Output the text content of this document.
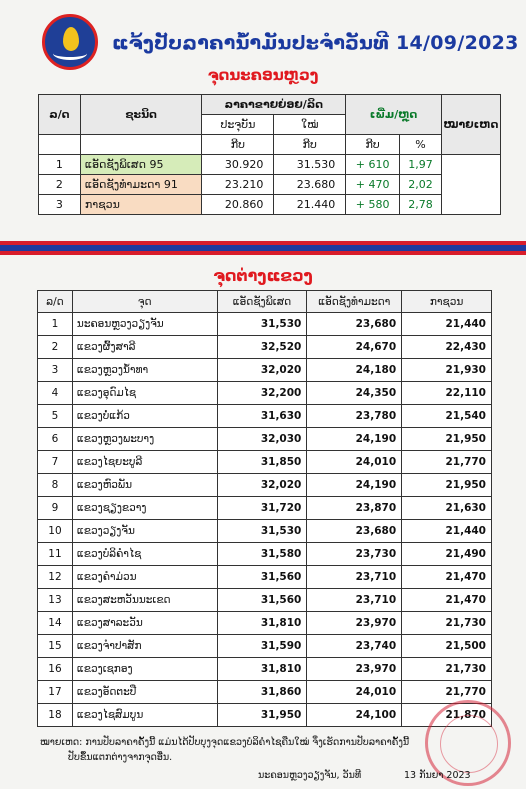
ແຈ້ງປັບລາຄານ້ຳມັນປະຈຳວັນທີ 14/09/2023
ຈຸດນະຄອນຫຼວງ
ລ/ດ	ຊະນິດ	ລາຄາຂາຍຍ່ອຍ/ລິດ		ເພີ່ມ/ຫຼຸດ		ໝາຍເຫດ
		ປະຈຸບັນ	ໃໝ່			
		ກີບ	ກີບ	ກີບ	%	
1	ແອັດຊັງພິເສດ 95	30.920	31.530	+ 610	1,97	
2	ແອັດຊັງທຳມະດາ 91	23.210	23.680	+ 470	2,02	
3	ກາຊວນ	20.860	21.440	+ 580	2,78	
ຈຸດຕ່າງແຂວງ
ລ/ດ	ຈຸດ	ແອັດຊັງພິເສດ	ແອັດຊັງທຳມະດາ	ກາຊວນ
1	ນະຄອນຫຼວງວຽງຈັນ	31,530	23,680	21,440
2	ແຂວງຜົ້ງສາລີ	32,520	24,670	22,430
3	ແຂວງຫຼວງນ້ຳທາ	32,020	24,180	21,930
4	ແຂວງອຸດົມໄຊ	32,200	24,350	22,110
5	ແຂວງບໍ່ແກ້ວ	31,630	23,780	21,540
6	ແຂວງຫຼວງພະບາງ	32,030	24,190	21,950
7	ແຂວງໄຊຍະບູລີ	31,850	24,010	21,770
8	ແຂວງຫົວພັນ	32,020	24,190	21,950
9	ແຂວງຊຽງຂວາງ	31,720	23,870	21,630
10	ແຂວງວຽງຈັນ	31,530	23,680	21,440
11	ແຂວງບໍລິຄຳໄຊ	31,580	23,730	21,490
12	ແຂວງຄຳມ່ວນ	31,560	23,710	21,470
13	ແຂວງສະຫວັນນະເຂດ	31,560	23,710	21,470
14	ແຂວງສາລະວັນ	31,810	23,970	21,730
15	ແຂວງຈຳປາສັກ	31,590	23,740	21,500
16	ແຂວງເຊກອງ	31,810	23,970	21,730
17	ແຂວງອັດຕະປື	31,860	24,010	21,770
18	ແຂວງໄຊສົມບູນ	31,950	24,100	21,870
ໝາຍເຫດ: ການປັບລາຄາຄັ້ງນີ້ ແມ່ນໄດ້ປັບບຸງຈຸດແຂວງບໍລິຄຳໄຊຄືນໃໝ່ ຈຶ່ງເຮັດການປັບລາຄາຄັ້ງນີ້
ປັບຂຶ້ນແຕກຕ່າງຈາກຈຸດອື່ນ.
ນະຄອນຫຼວງວຽງຈັນ, ວັນທີ	13 ກັນຍາ 2023
